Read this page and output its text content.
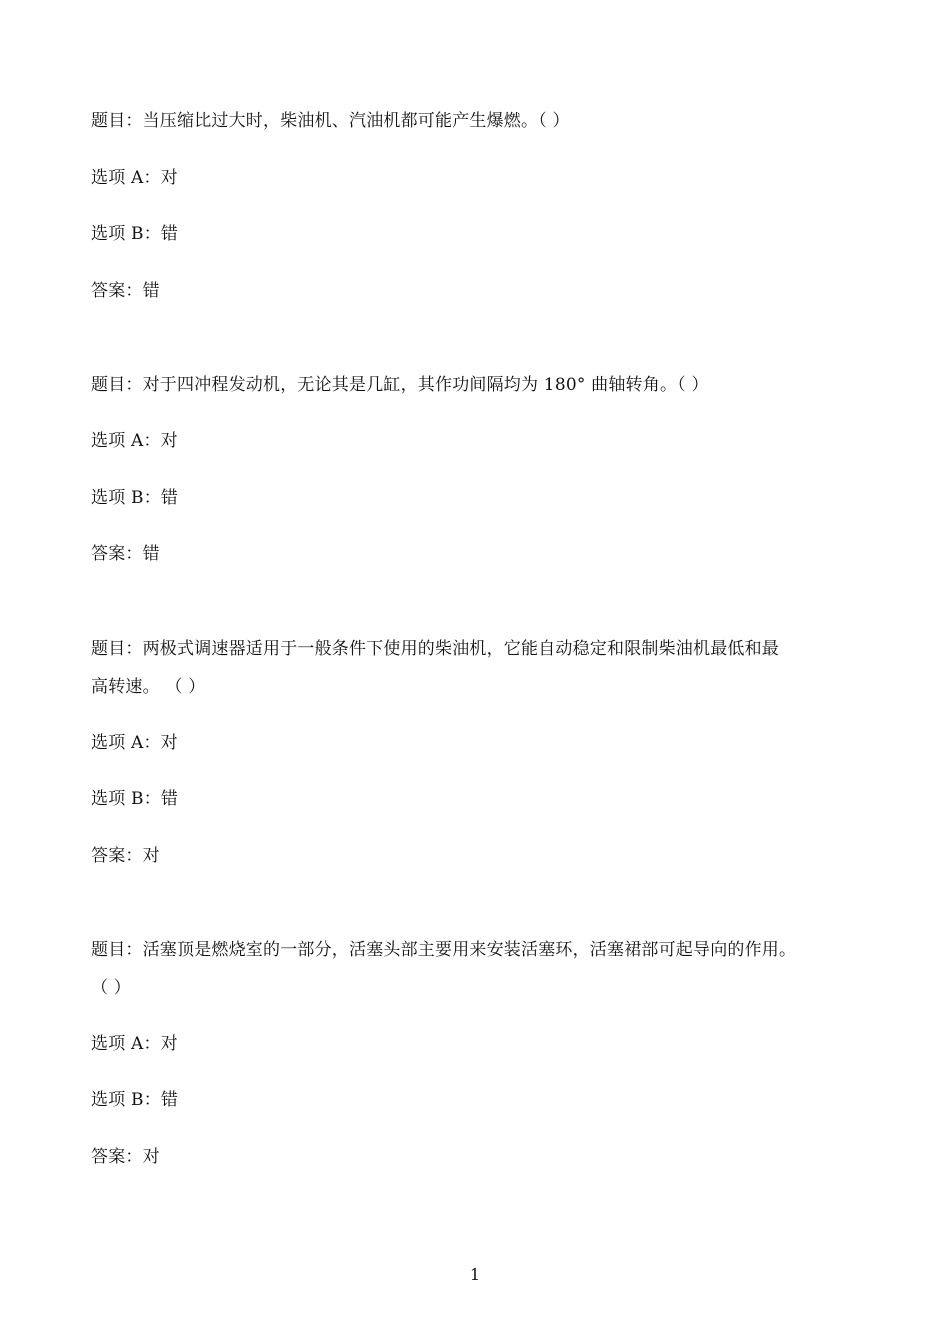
题目：当压缩比过大时，柴油机、汽油机都可能产生爆燃。（ ）
选项 A：对
选项 B：错
答案：错
题目：对于四冲程发动机，无论其是几缸，其作功间隔均为 180° 曲轴转角。（ ）
选项 A：对
选项 B：错
答案：错
题目：两极式调速器适用于一般条件下使用的柴油机，它能自动稳定和限制柴油机最低和最
高转速。 （ ）
选项 A：对
选项 B：错
答案：对
题目：活塞顶是燃烧室的一部分，活塞头部主要用来安装活塞环，活塞裙部可起导向的作用。
（ ）
选项 A：对
选项 B：错
答案：对
1
